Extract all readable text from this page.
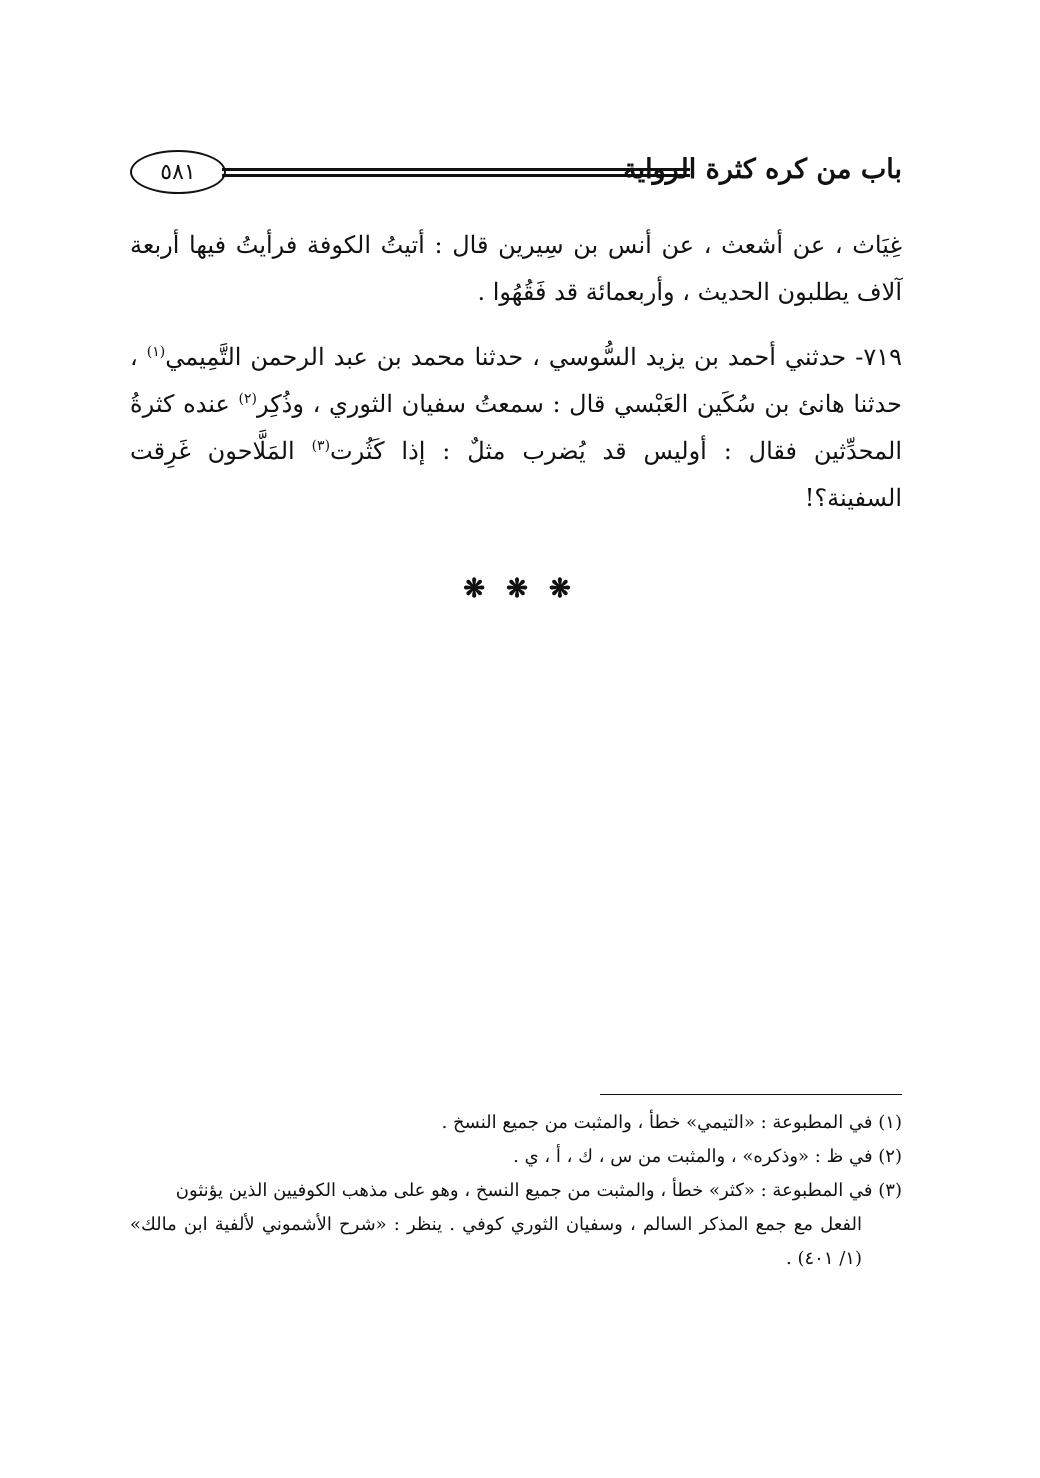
باب من كره كثرة الرواية
٥٨١

غِيَاث ، عن أشعث ، عن أنس بن سِيرين قال : أتيتُ الكوفة فرأيتُ فيها أربعة آلاف يطلبون الحديث ، وأربعمائة قد فَقُهُوا .

٧١٩- حدثني أحمد بن يزيد السُّوسي ، حدثنا محمد بن عبد الرحمن التَّمِيمي$^{(١)}$ ، حدثنا هانئ بن سُكَين العَبْسي قال : سمعتُ سفيان الثوري ، وذُكِر$^{(٢)}$ عنده كثرةُ المحدِّثين فقال : أوليس قد يُضرب مثلٌ : إذا كَثُرت$^{(٣)}$ المَلَّاحون غَرِقت السفينة؟!

❋ ❋ ❋

(١) في المطبوعة : «التيمي» خطأ ، والمثبت من جميع النسخ .

(٢) في ظ : «وذكره» ، والمثبت من س ، ك ، أ ، ي .

(٣) في المطبوعة : «كثر» خطأ ، والمثبت من جميع النسخ ، وهو على مذهب الكوفيين الذين يؤنثون

الفعل مع جمع المذكر السالم ، وسفيان الثوري كوفي . ينظر : «شرح الأشموني لألفية ابن مالك» (١/ ٤٠١) .
